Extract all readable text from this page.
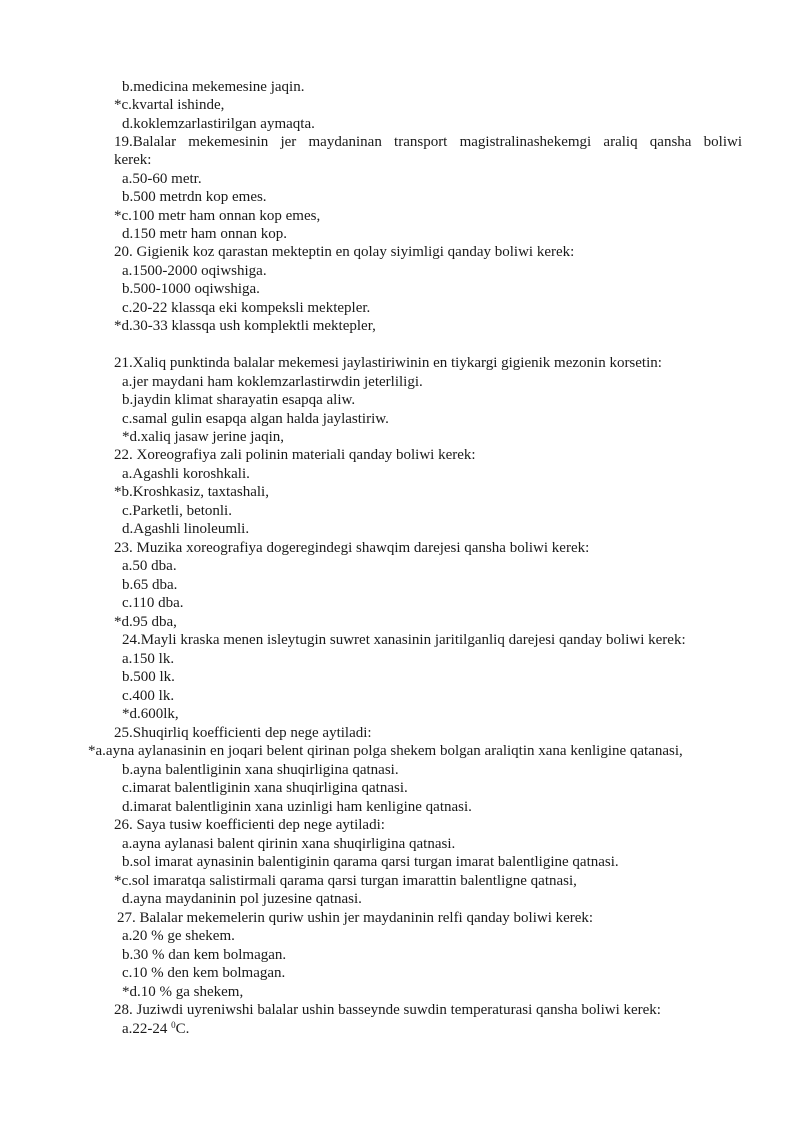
b.medicina mekemesine jaqin.
*c.kvartal ishinde,
d.koklemzarlastirilgan aymaqta.
19.Balalar mekemesinin jer maydaninan transport magistralinashekemgi araliq qansha boliwi
kerek:
a.50-60 metr.
b.500 metrdn kop emes.
*c.100 metr ham onnan kop emes,
d.150 metr ham onnan kop.
20. Gigienik koz qarastan mekteptin en qolay siyimligi qanday boliwi kerek:
a.1500-2000 oqiwshiga.
b.500-1000 oqiwshiga.
c.20-22 klassqa eki kompeksli mektepler.
*d.30-33 klassqa ush komplektli mektepler,
21.Xaliq punktinda balalar mekemesi jaylastiriwinin en tiykargi gigienik mezonin korsetin:
a.jer maydani ham koklemzarlastirwdin jeterliligi.
b.jaydin klimat sharayatin esapqa aliw.
c.samal gulin esapqa algan halda jaylastiriw.
*d.xaliq jasaw jerine jaqin,
22. Xoreografiya zali polinin materiali qanday boliwi kerek:
a.Agashli koroshkali.
*b.Kroshkasiz, taxtashali,
c.Parketli, betonli.
d.Agashli linoleumli.
23. Muzika xoreografiya dogeregindegi shawqim darejesi qansha boliwi kerek:
a.50 dba.
b.65 dba.
c.110 dba.
*d.95 dba,
24.Mayli kraska menen isleytugin suwret xanasinin jaritilganliq darejesi qanday boliwi kerek:
a.150 lk.
b.500 lk.
c.400 lk.
*d.600lk,
25.Shuqirliq koefficienti dep nege aytiladi:
*a.ayna aylanasinin en joqari belent qirinan polga shekem bolgan araliqtin xana kenligine qatanasi,
b.ayna balentliginin xana shuqirligina qatnasi.
c.imarat balentliginin xana shuqirligina qatnasi.
d.imarat balentliginin xana uzinligi ham kenligine qatnasi.
26. Saya tusiw koefficienti dep nege aytiladi:
a.ayna aylanasi balent qirinin xana shuqirligina qatnasi.
b.sol imarat aynasinin balentiginin qarama qarsi turgan imarat balentligine qatnasi.
*c.sol imaratqa salistirmali qarama qarsi turgan imarattin balentligne qatnasi,
d.ayna maydaninin pol juzesine qatnasi.
27. Balalar mekemelerin quriw ushin jer maydaninin relfi qanday boliwi kerek:
a.20 % ge shekem.
b.30 % dan kem bolmagan.
c.10 % den kem bolmagan.
*d.10 % ga shekem,
28. Juziwdi uyreniwshi balalar ushin basseynde suwdin temperaturasi qansha boliwi kerek:
a.22-24 $^0$C.
